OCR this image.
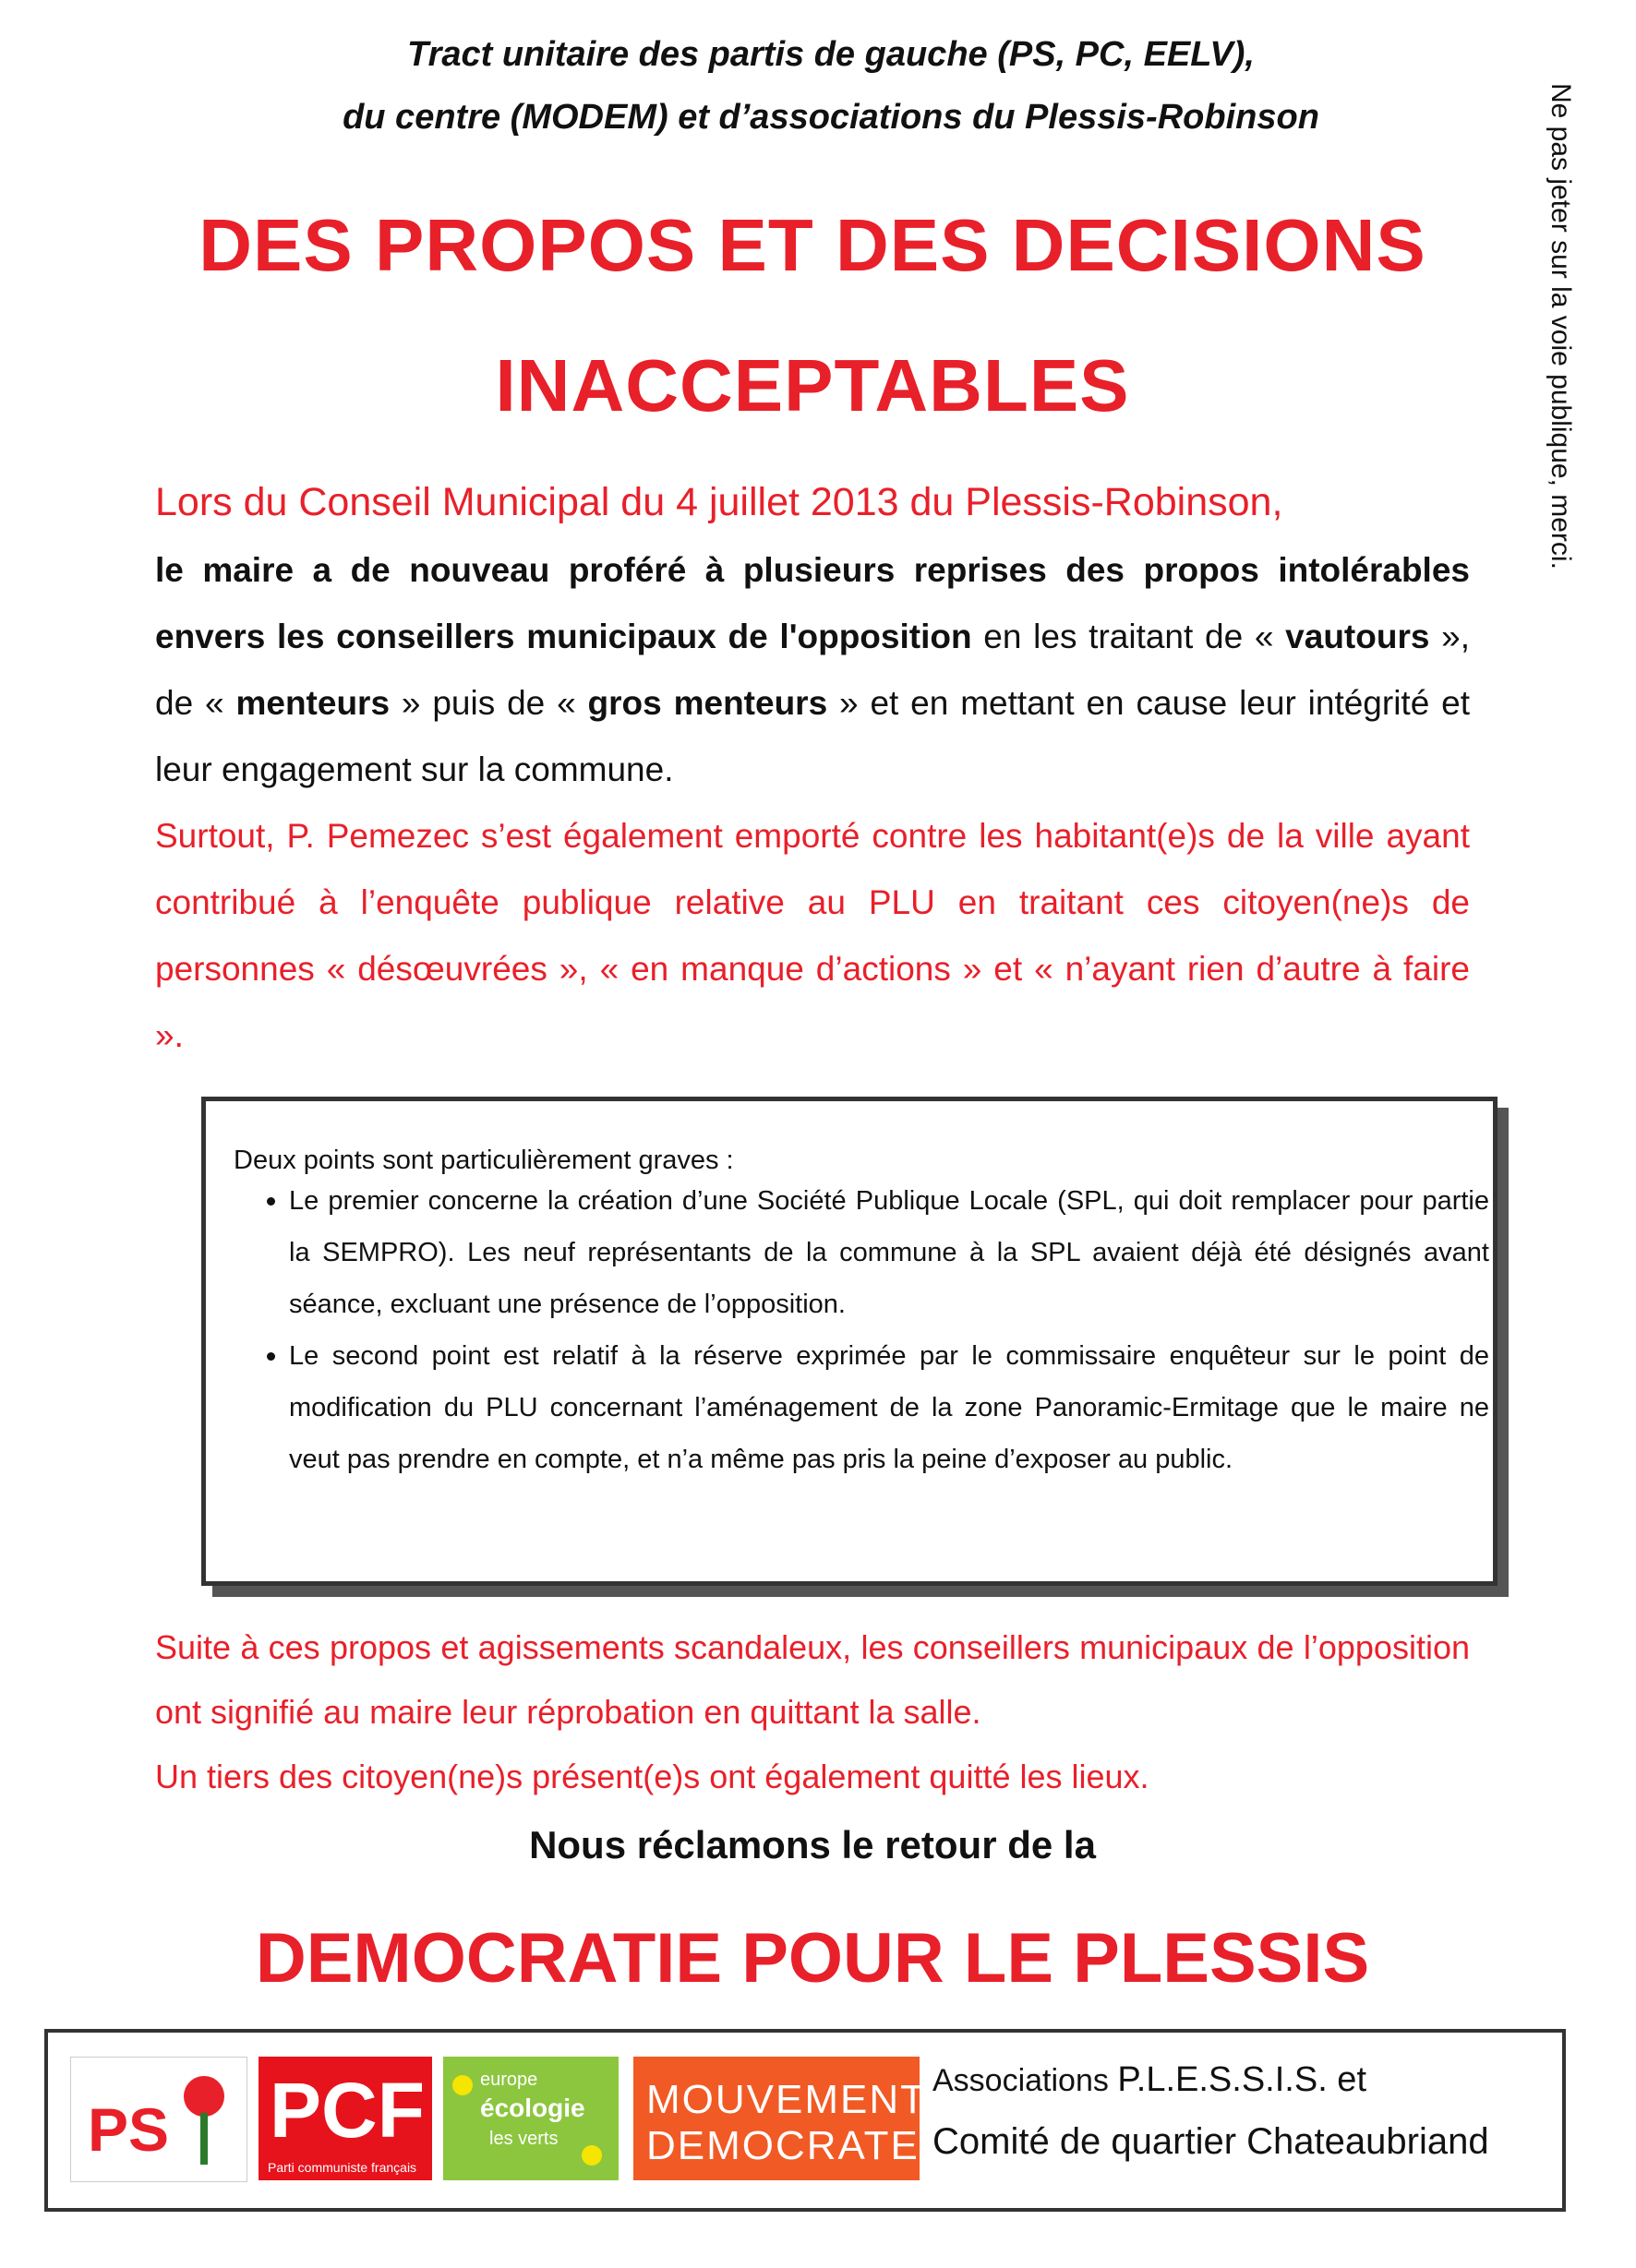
Tract unitaire des partis de gauche (PS, PC, EELV),
du centre (MODEM) et d’associations du Plessis-Robinson	Ne pas jeter sur la voie publique, merci.
DES PROPOS ET DES DECISIONS
INACCEPTABLES
Lors du Conseil Municipal du 4 juillet 2013 du Plessis-Robinson,
le maire a de nouveau proféré à plusieurs reprises des propos intolérables envers les conseillers municipaux de l'opposition en les traitant de « vautours », de « menteurs » puis de « gros menteurs » et en mettant en cause leur intégrité et leur engagement sur la commune.
Surtout, P. Pemezec s’est également emporté contre les habitant(e)s de la ville ayant contribué à l’enquête publique relative au PLU en traitant ces citoyen(ne)s de personnes « désœuvrées », « en manque d’actions » et « n’ayant rien d’autre à faire ».
Deux points sont particulièrement graves :
• Le premier concerne la création d’une Société Publique Locale (SPL, qui doit remplacer pour partie la SEMPRO). Les neuf représentants de la commune à la SPL avaient déjà été désignés avant séance, excluant une présence de l’opposition.
• Le second point est relatif à la réserve exprimée par le commissaire enquêteur sur le point de modification du PLU concernant l’aménagement de la zone Panoramic-Ermitage que le maire ne veut pas prendre en compte, et n’a même pas pris la peine d’exposer au public.
Suite à ces propos et agissements scandaleux, les conseillers municipaux de l’opposition ont signifié au maire leur réprobation en quittant la salle.
Un tiers des citoyen(ne)s présent(e)s ont également quitté les lieux.
Nous réclamons le retour de la
DEMOCRATIE POUR LE PLESSIS
PS PCF
Parti communiste français
europe
écologie
les verts
MOUVEMENT
DEMOCRATE
Associations P.L.E.S.S.I.S. et
Comité de quartier Chateaubriand
